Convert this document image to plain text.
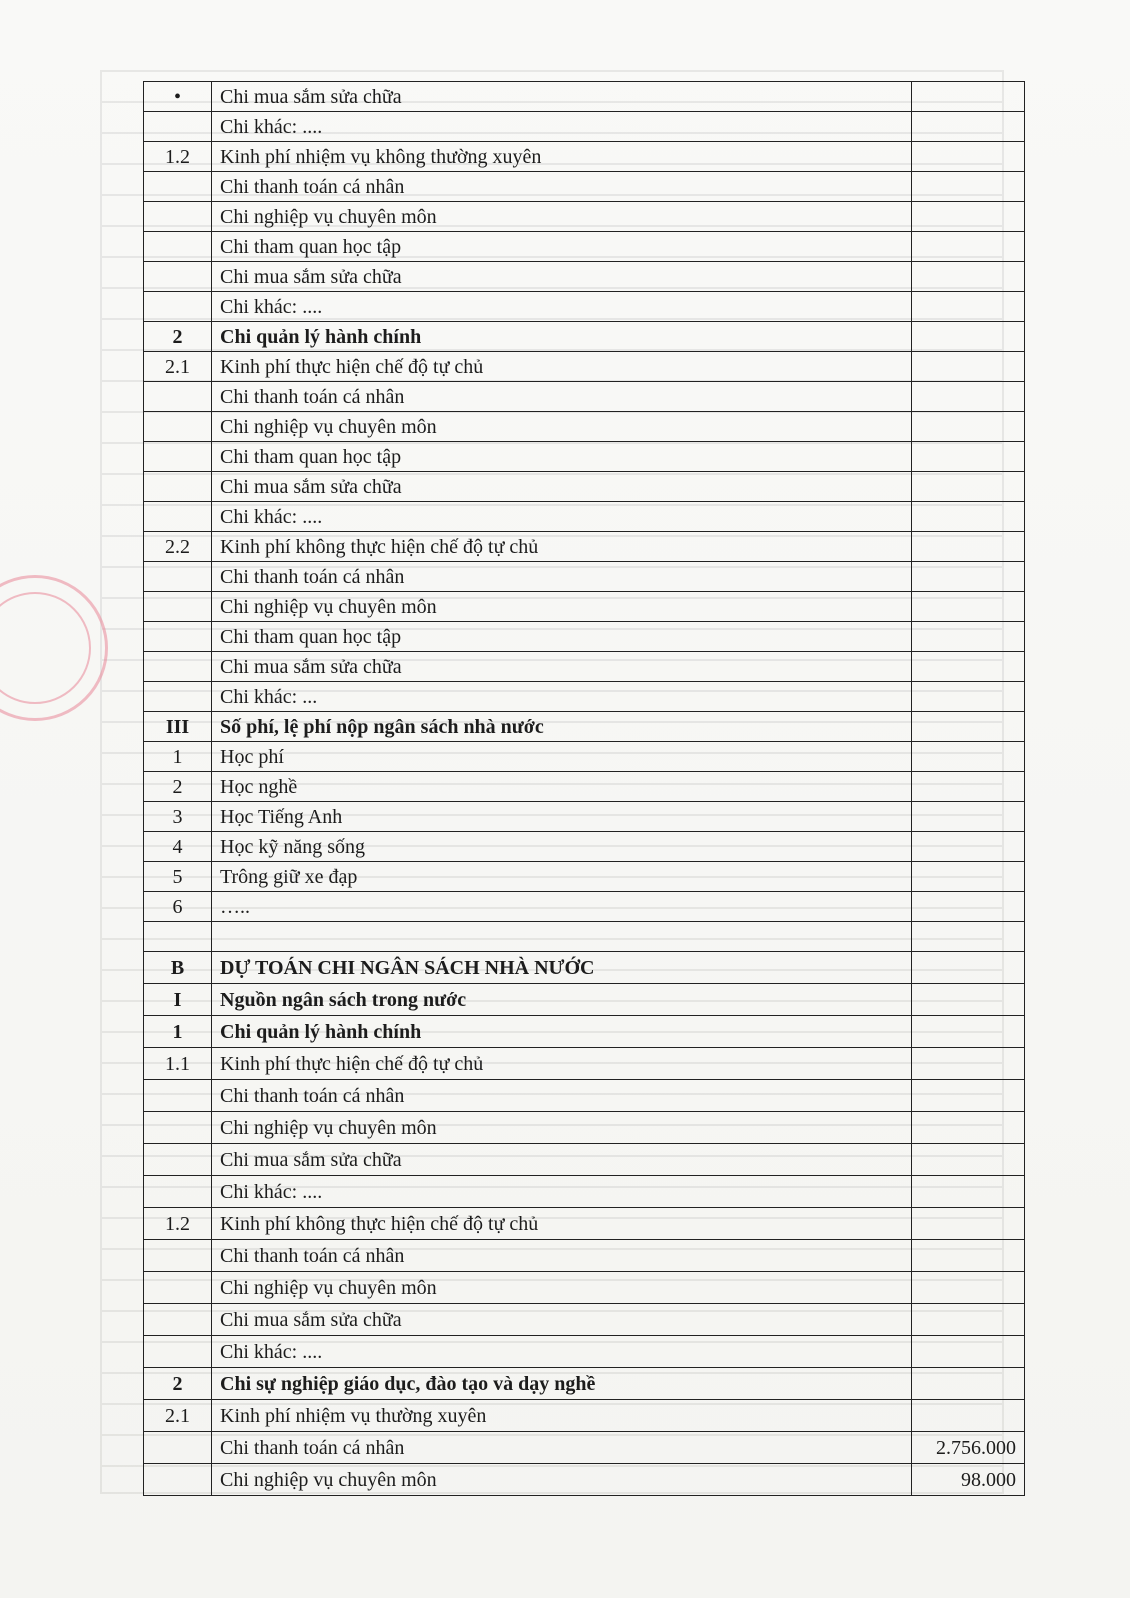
•	Chi mua sắm sửa chữa	
	Chi khác: ....	
1.2	Kinh phí nhiệm vụ không thường xuyên	
	Chi thanh toán cá nhân	
	Chi nghiệp vụ chuyên môn	
	Chi tham quan học tập	
	Chi mua sắm sửa chữa	
	Chi khác: ....	
2	Chi quản lý hành chính	
2.1	Kinh phí thực hiện chế độ tự chủ	
	Chi thanh toán cá nhân	
	Chi nghiệp vụ chuyên môn	
	Chi tham quan học tập	
	Chi mua sắm sửa chữa	
	Chi khác: ....	
2.2	Kinh phí không thực hiện chế độ tự chủ	
	Chi thanh toán cá nhân	
	Chi nghiệp vụ chuyên môn	
	Chi tham quan học tập	
	Chi mua sắm sửa chữa	
	Chi khác: ...	
III	Số phí, lệ phí nộp ngân sách nhà nước	
1	Học phí	
2	Học nghề	
3	Học Tiếng Anh	
4	Học kỹ năng sống	
5	Trông giữ xe đạp	
6	…..	

B	DỰ TOÁN CHI NGÂN SÁCH NHÀ NƯỚC	
I	Nguồn ngân sách trong nước	
1	Chi quản lý hành chính	
1.1	Kinh phí thực hiện chế độ tự chủ	
	Chi thanh toán cá nhân	
	Chi nghiệp vụ chuyên môn	
	Chi mua sắm sửa chữa	
	Chi khác: ....	
1.2	Kinh phí không thực hiện chế độ tự chủ	
	Chi thanh toán cá nhân	
	Chi nghiệp vụ chuyên môn	
	Chi mua sắm sửa chữa	
	Chi khác: ....	
2	Chi sự nghiệp giáo dục, đào tạo và dạy nghề	
2.1	Kinh phí nhiệm vụ thường xuyên	
	Chi thanh toán cá nhân	2.756.000
	Chi nghiệp vụ chuyên môn	98.000
